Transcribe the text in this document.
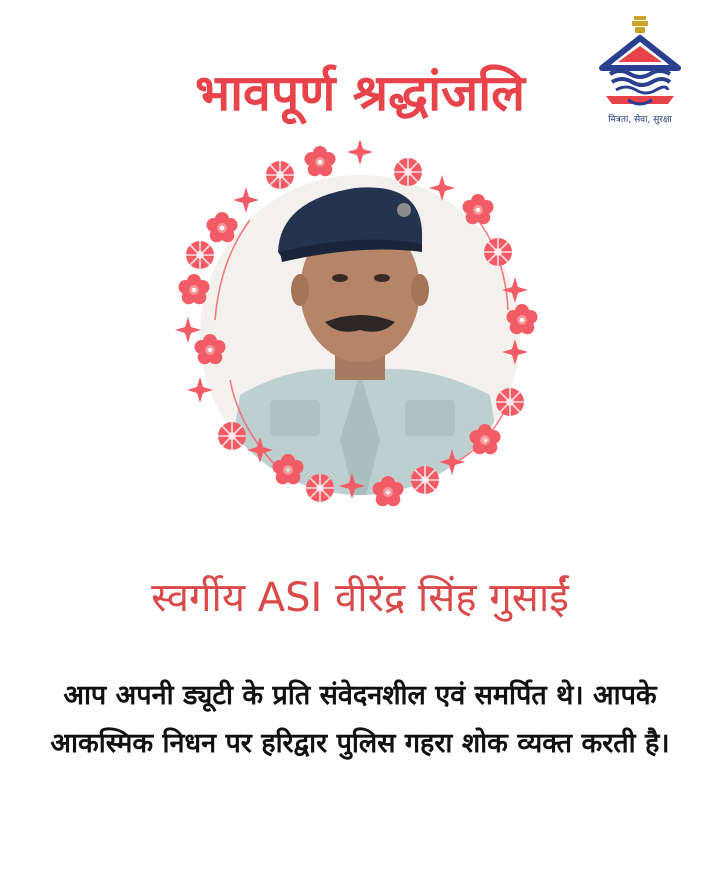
भावपूर्ण श्रद्धांजलि	मित्रता, सेवा, सुरक्षा
स्वर्गीय ASI वीरेंद्र सिंह गुसाईं
आप अपनी ड्यूटी के प्रति संवेदनशील एवं समर्पित थे। आपके आकस्मिक निधन पर हरिद्वार पुलिस गहरा शोक व्यक्त करती है।
